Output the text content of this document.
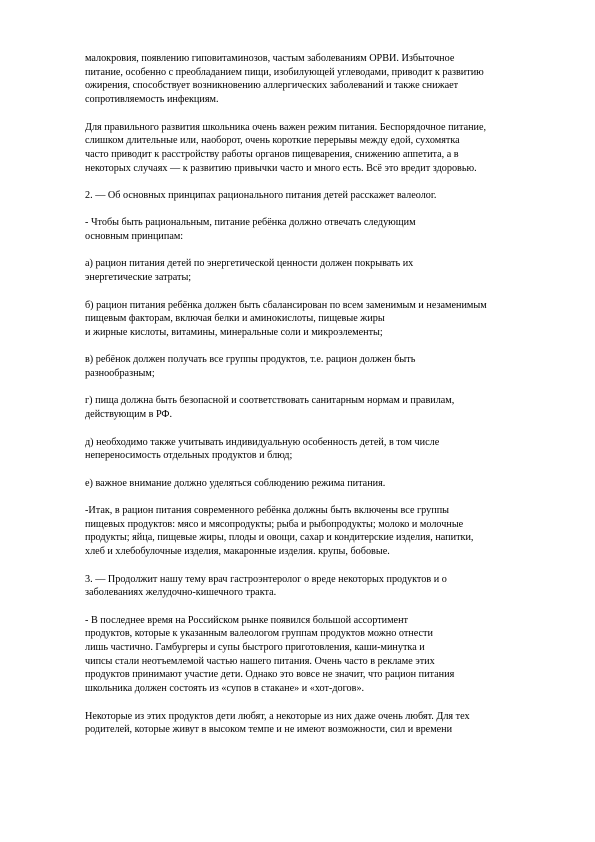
малокровия, появлению гиповитаминозов, частым заболеваниям ОРВИ. Избыточное
питание, особенно с преобладанием пищи, изобилующей углеводами, приводит к развитию
ожирения, способствует возникновению аллергических заболеваний и также снижает
сопротивляемость инфекциям.

Для правильного развития школьника очень важен режим питания. Беспорядочное питание,
слишком длительные или, наоборот, очень короткие перерывы между едой, сухомятка
часто приводит к расстройству работы органов пищеварения, снижению аппетита, а в
некоторых случаях — к развитию привычки часто и много есть. Всё это вредит здоровью.

2. — Об основных принципах рационального питания детей расскажет валеолог.

- Чтобы быть рациональным, питание ребёнка должно отвечать следующим
основным принципам:

а) рацион питания детей по энергетической ценности должен покрывать их
энергетические затраты;

б) рацион питания ребёнка должен быть сбалансирован по всем заменимым и незаменимым
пищевым факторам, включая белки и аминокислоты, пищевые жиры
и жирные кислоты, витамины, минеральные соли и микроэлементы;

в) ребёнок должен получать все группы продуктов, т.е. рацион должен быть
разнообразным;

г) пища должна быть безопасной и соответствовать санитарным нормам и правилам,
действующим в РФ.

д) необходимо также учитывать индивидуальную особенность детей, в том числе
непереносимость отдельных продуктов и блюд;

е) важное внимание должно уделяться соблюдению режима питания.

-Итак, в рацион питания современного ребёнка должны быть включены все группы
пищевых продуктов: мясо и мясопродукты; рыба и рыбопродукты; молоко и молочные
продукты; яйца, пищевые жиры, плоды и овощи, сахар и кондитерские изделия, напитки,
хлеб и хлебобулочные изделия, макаронные изделия. крупы, бобовые.

3. — Продолжит нашу тему врач гастроэнтеролог о вреде некоторых продуктов и о
заболеваниях желудочно-кишечного тракта.

- В последнее время на Российском рынке появился большой ассортимент
продуктов, которые к указанным валеологом группам продуктов можно отнести
лишь частично. Гамбургеры и супы быстрого приготовления, каши-минутка и
чипсы стали неотъемлемой частью нашего питания. Очень часто в рекламе этих
продуктов принимают участие дети. Однако это вовсе не значит, что рацион питания
школьника должен состоять из «супов в стакане» и «хот-догов».

Некоторые из этих продуктов дети любят, а некоторые из них даже очень любят. Для тех
родителей, которые живут в высоком темпе и не имеют возможности, сил и времени
